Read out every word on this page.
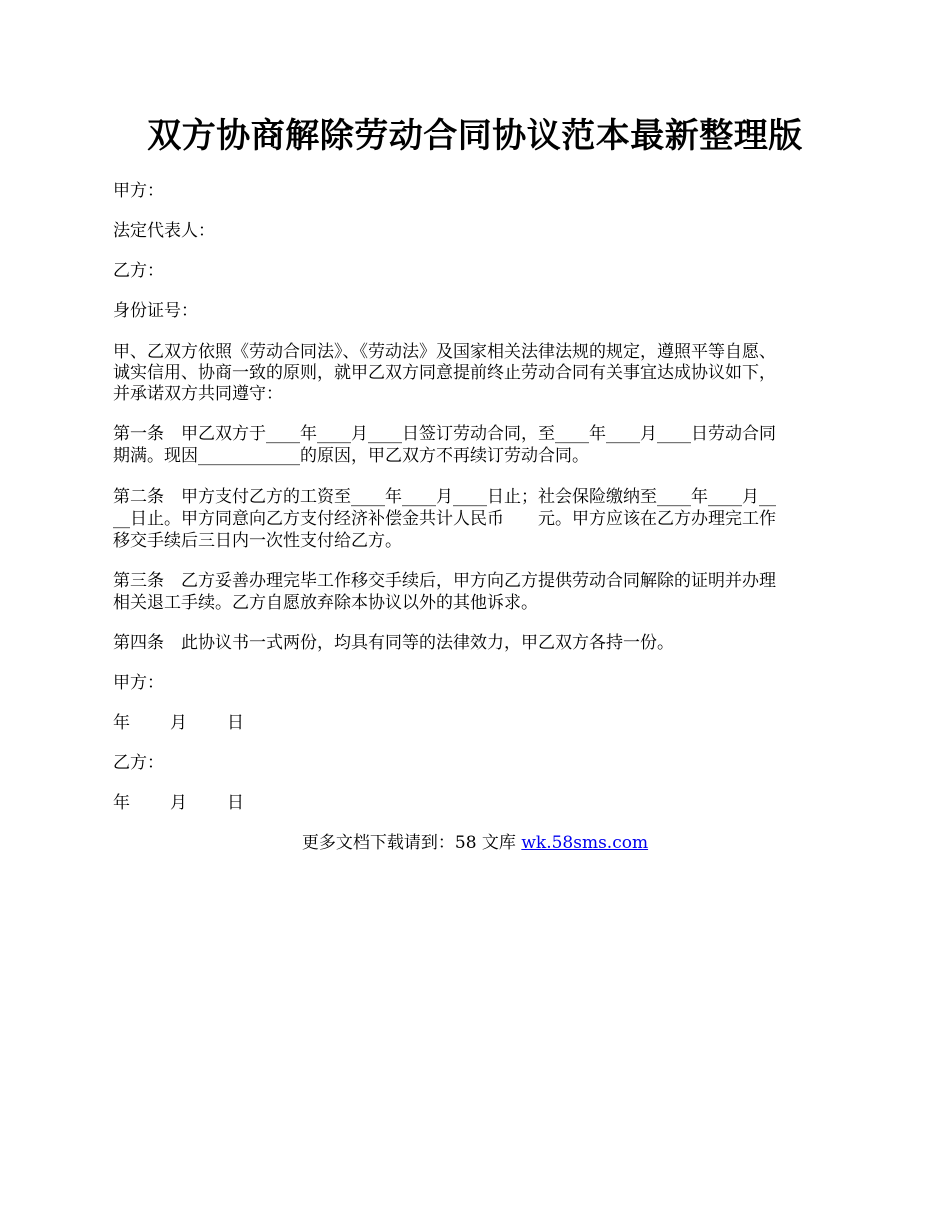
双方协商解除劳动合同协议范本最新整理版
甲方：
法定代表人：
乙方：
身份证号：
甲、乙双方依照《劳动合同法》、《劳动法》及国家相关法律法规的规定，遵照平等自愿、
诚实信用、协商一致的原则，就甲乙双方同意提前终止劳动合同有关事宜达成协议如下，
并承诺双方共同遵守：
第一条　甲乙双方于____年____月____日签订劳动合同，至____年____月____日劳动合同
期满。现因____________的原因，甲乙双方不再续订劳动合同。
第二条　甲方支付乙方的工资至____年____月____日止；社会保险缴纳至____年____月__
__日止。甲方同意向乙方支付经济补偿金共计人民币　　元。甲方应该在乙方办理完工作
移交手续后三日内一次性支付给乙方。
第三条　乙方妥善办理完毕工作移交手续后，甲方向乙方提供劳动合同解除的证明并办理
相关退工手续。乙方自愿放弃除本协议以外的其他诉求。
第四条　此协议书一式两份，均具有同等的法律效力，甲乙双方各持一份。
甲方：
年 月 日
乙方：
年 月 日
更多文档下载请到：58 文库 wk.58sms.com
